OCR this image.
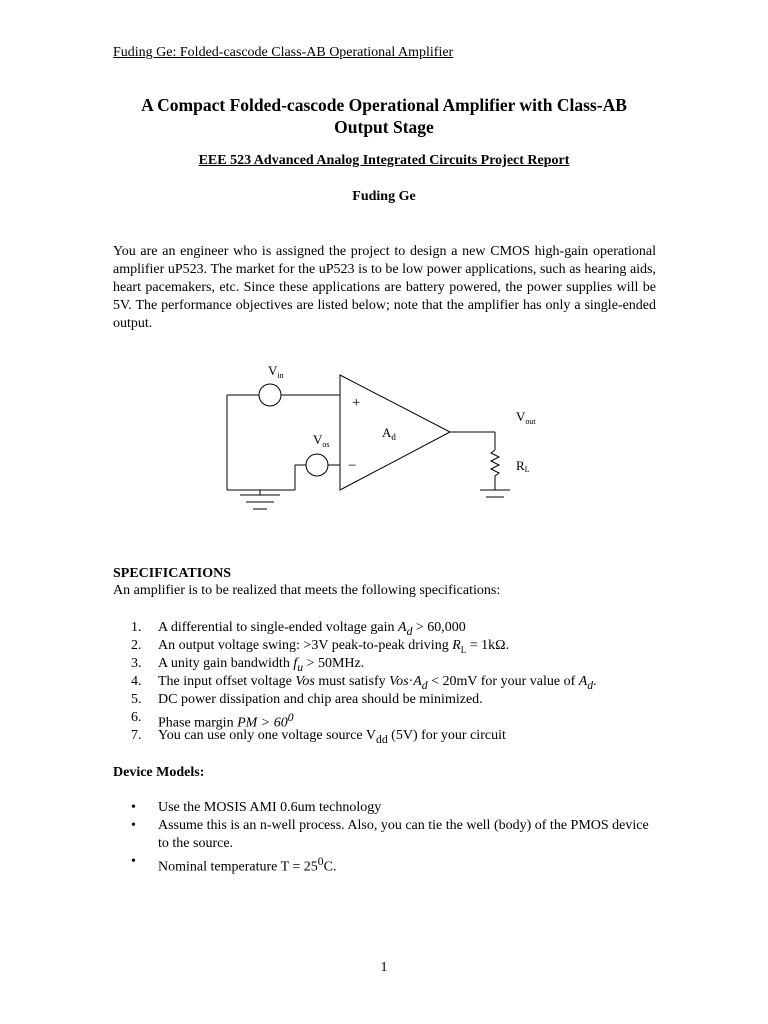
Fuding Ge: Folded-cascode Class-AB Operational Amplifier
A Compact Folded-cascode Operational Amplifier with Class-AB
Output Stage
EEE 523 Advanced Analog Integrated Circuits Project Report
Fuding Ge
You are an engineer who is assigned the project to design a new CMOS high-gain operational amplifier uP523. The market for the uP523 is to be low power applications, such as hearing aids, heart pacemakers, etc. Since these applications are battery powered, the power supplies will be 5V. The performance objectives are listed below; note that the amplifier has only a single-ended output.
+
−
$V_{in}$
$V_{os}$
$A_d$
$V_{out}$
RL
SPECIFICATIONS
An amplifier is to be realized that meets the following specifications:
1. A differential to single-ended voltage gain $A_d > 60,000$
2. An output voltage swing: >3V peak-to-peak driving $R_L = 1k\Omega$.
3. A unity gain bandwidth $f_u > 50MHz$.
4. The input offset voltage Vos must satisfy $Vos\cdot A_d < 20mV$ for your value of $A_d$.
5. DC power dissipation and chip area should be minimized.
6. Phase margin PM > $60^0$
7. You can use only one voltage source $V_{dd}$ (5V) for your circuit
Device Models:
• Use the MOSIS AMI 0.6um technology
• Assume this is an n-well process. Also, you can tie the well (body) of the PMOS device to the source.
• Nominal temperature $T = 25^0C$.
1
